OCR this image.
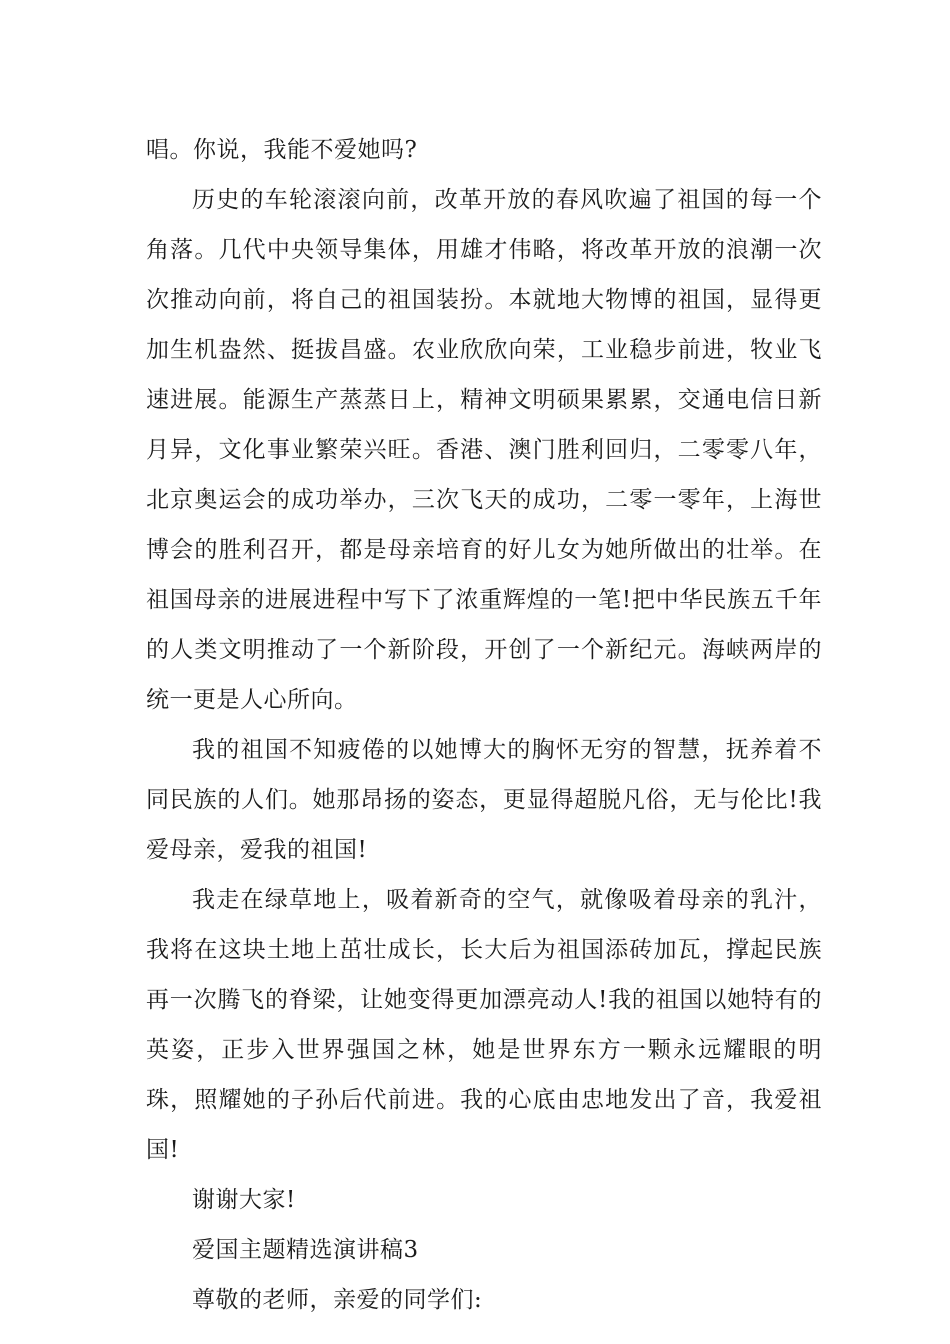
唱。你说，我能不爱她吗?

历史的车轮滚滚向前，改革开放的春风吹遍了祖国的每一个角落。几代中央领导集体，用雄才伟略，将改革开放的浪潮一次次推动向前，将自己的祖国装扮。本就地大物博的祖国，显得更加生机盎然、挺拔昌盛。农业欣欣向荣，工业稳步前进，牧业飞速进展。能源生产蒸蒸日上，精神文明硕果累累，交通电信日新月异，文化事业繁荣兴旺。香港、澳门胜利回归，二零零八年，北京奥运会的成功举办，三次飞天的成功，二零一零年，上海世博会的胜利召开，都是母亲培育的好儿女为她所做出的壮举。在祖国母亲的进展进程中写下了浓重辉煌的一笔!把中华民族五千年的人类文明推动了一个新阶段，开创了一个新纪元。海峡两岸的统一更是人心所向。

我的祖国不知疲倦的以她博大的胸怀无穷的智慧，抚养着不同民族的人们。她那昂扬的姿态，更显得超脱凡俗，无与伦比!我爱母亲，爱我的祖国!

我走在绿草地上，吸着新奇的空气，就像吸着母亲的乳汁，我将在这块土地上茁壮成长，长大后为祖国添砖加瓦，撑起民族再一次腾飞的脊梁，让她变得更加漂亮动人!我的祖国以她特有的英姿，正步入世界强国之林，她是世界东方一颗永远耀眼的明珠，照耀她的子孙后代前进。我的心底由忠地发出了音，我爱祖国!

谢谢大家!

爱国主题精选演讲稿3

尊敬的老师，亲爱的同学们:
